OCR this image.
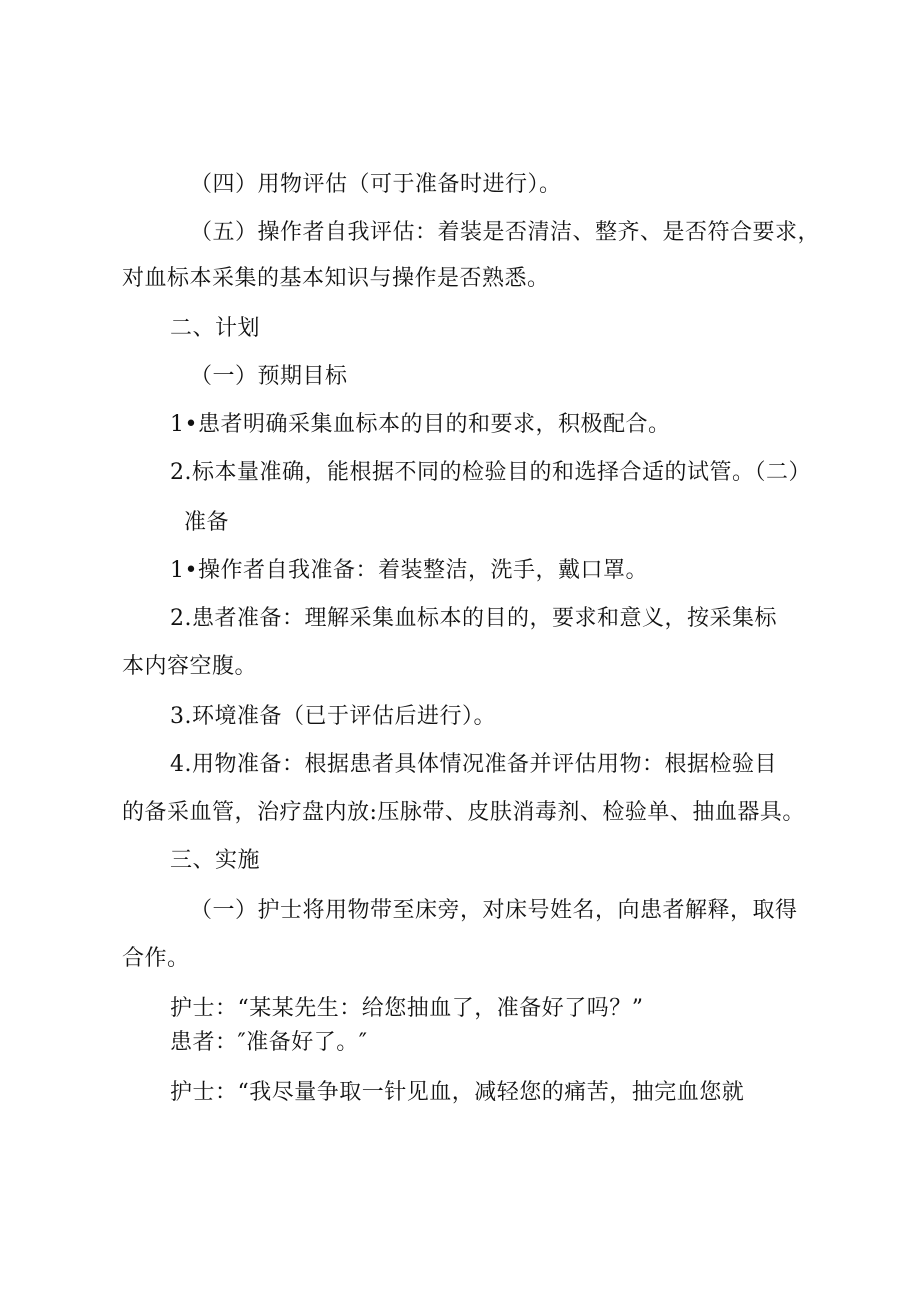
（四）用物评估（可于准备时进行）。
（五）操作者自我评估：着装是否清洁、整齐、是否符合要求，
对血标本采集的基本知识与操作是否熟悉。
二、计划
（一）预期目标
1•患者明确采集血标本的目的和要求，积极配合。
2.标本量准确，能根据不同的检验目的和选择合适的试管。（二）
准备
1•操作者自我准备：着装整洁，洗手，戴口罩。
2.患者准备：理解采集血标本的目的，要求和意义，按采集标
本内容空腹。
3.环境准备（已于评估后进行）。
4.用物准备：根据患者具体情况准备并评估用物：根据检验目
的备采血管，治疗盘内放:压脉带、皮肤消毒剂、检验单、抽血器具。
三、实施
（一）护士将用物带至床旁，对床号姓名，向患者解释，取得
合作。
护士：“某某先生：给您抽血了，准备好了吗？”
患者：″准备好了。″
护士：“我尽量争取一针见血，减轻您的痛苦，抽完血您就
